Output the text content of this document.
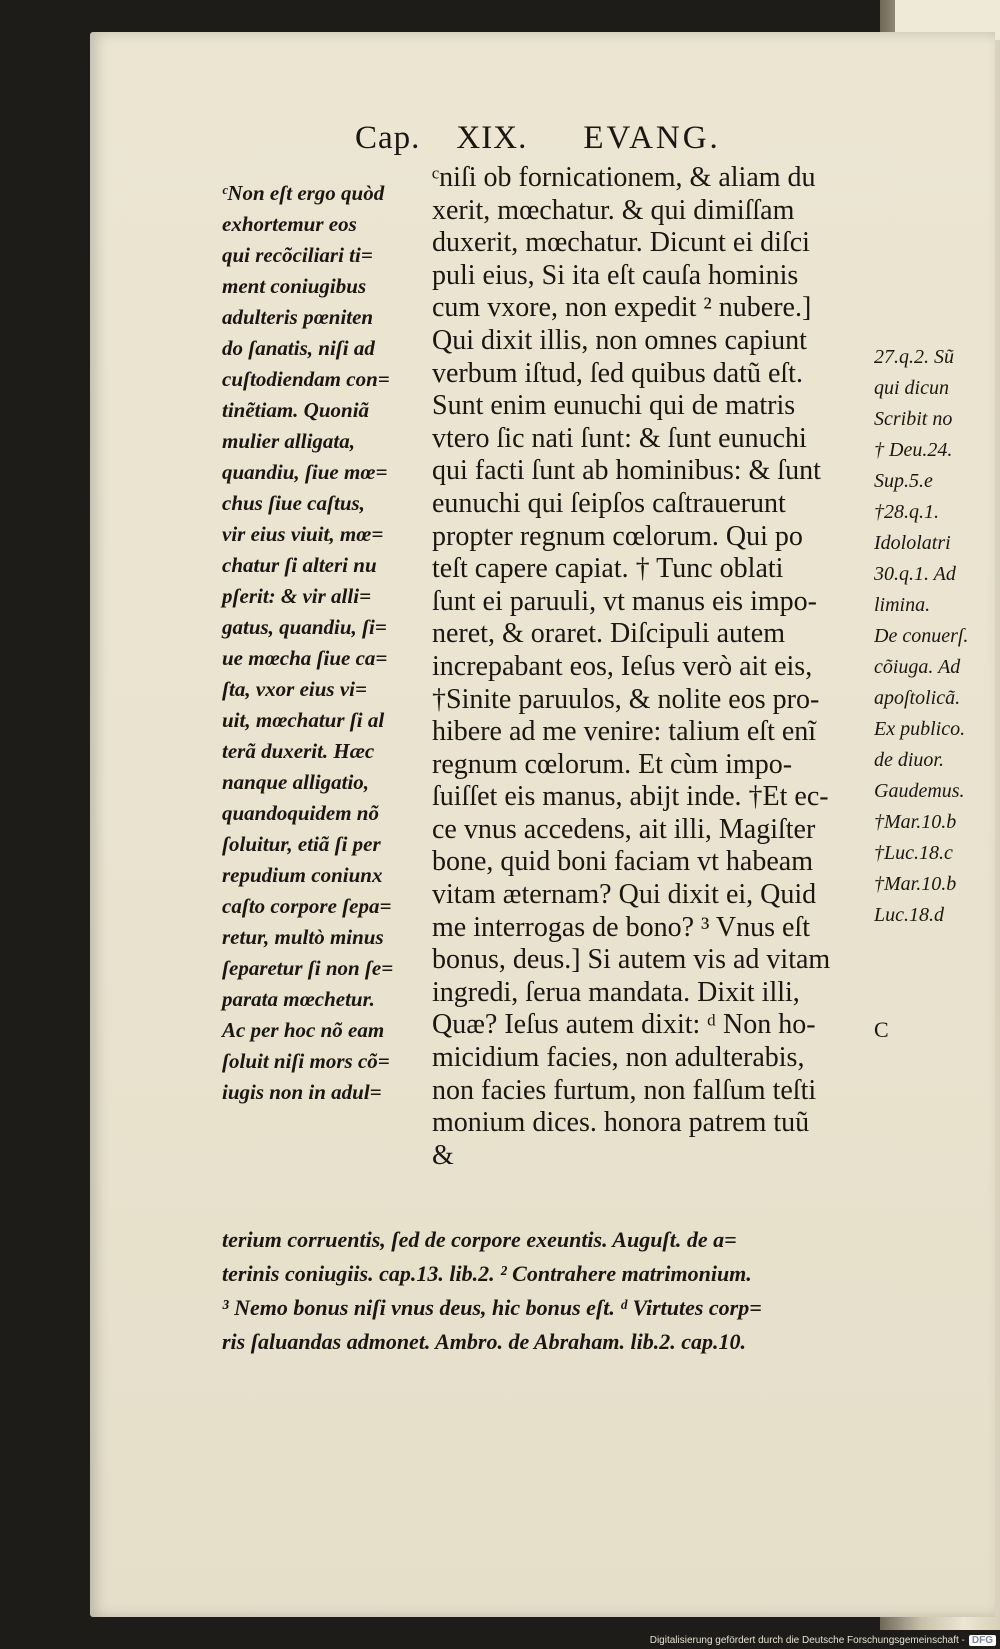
Cap. XIX. EVANG.
ᶜNon eſt ergo quòd
exhortemur eos
qui recõciliari ti=
ment coniugibus
adulteris pœniten
do ſanatis, niſi ad
cuſtodiendam con=
tinẽtiam. Quoniã
mulier alligata,
quandiu, ſiue mœ=
chus ſiue caſtus,
vir eius viuit, mœ=
chatur ſi alteri nu
pſerit: & vir alli=
gatus, quandiu, ſi=
ue mœcha ſiue ca=
ſta, vxor eius vi=
uit, mœchatur ſi al
terã duxerit. Hæc
nanque alligatio,
quandoquidem nõ
ſoluitur, etiã ſi per
repudium coniunx
caſto corpore ſepa=
retur, multò minus
ſeparetur ſi non ſe=
parata mœchetur.
Ac per hoc nõ eam
ſoluit niſi mors cõ=
iugis non in adul=
ᶜniſi ob fornicationem, & aliam du
xerit, mœchatur. & qui dimiſſam
duxerit, mœchatur. Dicunt ei diſci
puli eius, Si ita eſt cauſa hominis
cum vxore, non expedit ² nubere.]
Qui dixit illis, non omnes capiunt
verbum iſtud, ſed quibus datũ eſt.
Sunt enim eunuchi qui de matris
vtero ſic nati ſunt: & ſunt eunuchi
qui facti ſunt ab hominibus: & ſunt
eunuchi qui ſeipſos caſtrauerunt
propter regnum cœlorum. Qui po
teſt capere capiat. † Tunc oblati
ſunt ei paruuli, vt manus eis impo-
neret, & oraret. Diſcipuli autem
increpabant eos, Ieſus verò ait eis,
†Sinite paruulos, & nolite eos pro-
hibere ad me venire: talium eſt enĩ
regnum cœlorum. Et cùm impo-
ſuiſſet eis manus, abijt inde. †Et ec-
ce vnus accedens, ait illi, Magiſter
bone, quid boni faciam vt habeam
vitam æternam? Qui dixit ei, Quid
me interrogas de bono? ³ Vnus eſt
bonus, deus.] Si autem vis ad vitam
ingredi, ſerua mandata. Dixit illi,
Quæ? Ieſus autem dixit: ᵈ Non ho-
micidium facies, non adulterabis,
non facies furtum, non falſum teſti
monium dices. honora patrem tuũ
&
27.q.2. Sũ
qui dicun
Scribit no
† Deu.24.
Sup.5.e
†28.q.1.
Idololatri
30.q.1. Ad
limina.
De conuerſ.
cõiuga. Ad
apoſtolicã.
Ex publico.
de diuor.
Gaudemus.
†Mar.10.b
†Luc.18.c
†Mar.10.b
Luc.18.d
C
terium corruentis, ſed de corpore exeuntis. Auguſt. de a=
terinis coniugiis. cap.13. lib.2. ² Contrahere matrimonium.
³ Nemo bonus niſi vnus deus, hic bonus eſt. ᵈ Virtutes corp=
ris ſaluandas admonet. Ambro. de Abraham. lib.2. cap.10.
Digitalisierung gefördert durch die Deutsche Forschungsgemeinschaft - DFG
